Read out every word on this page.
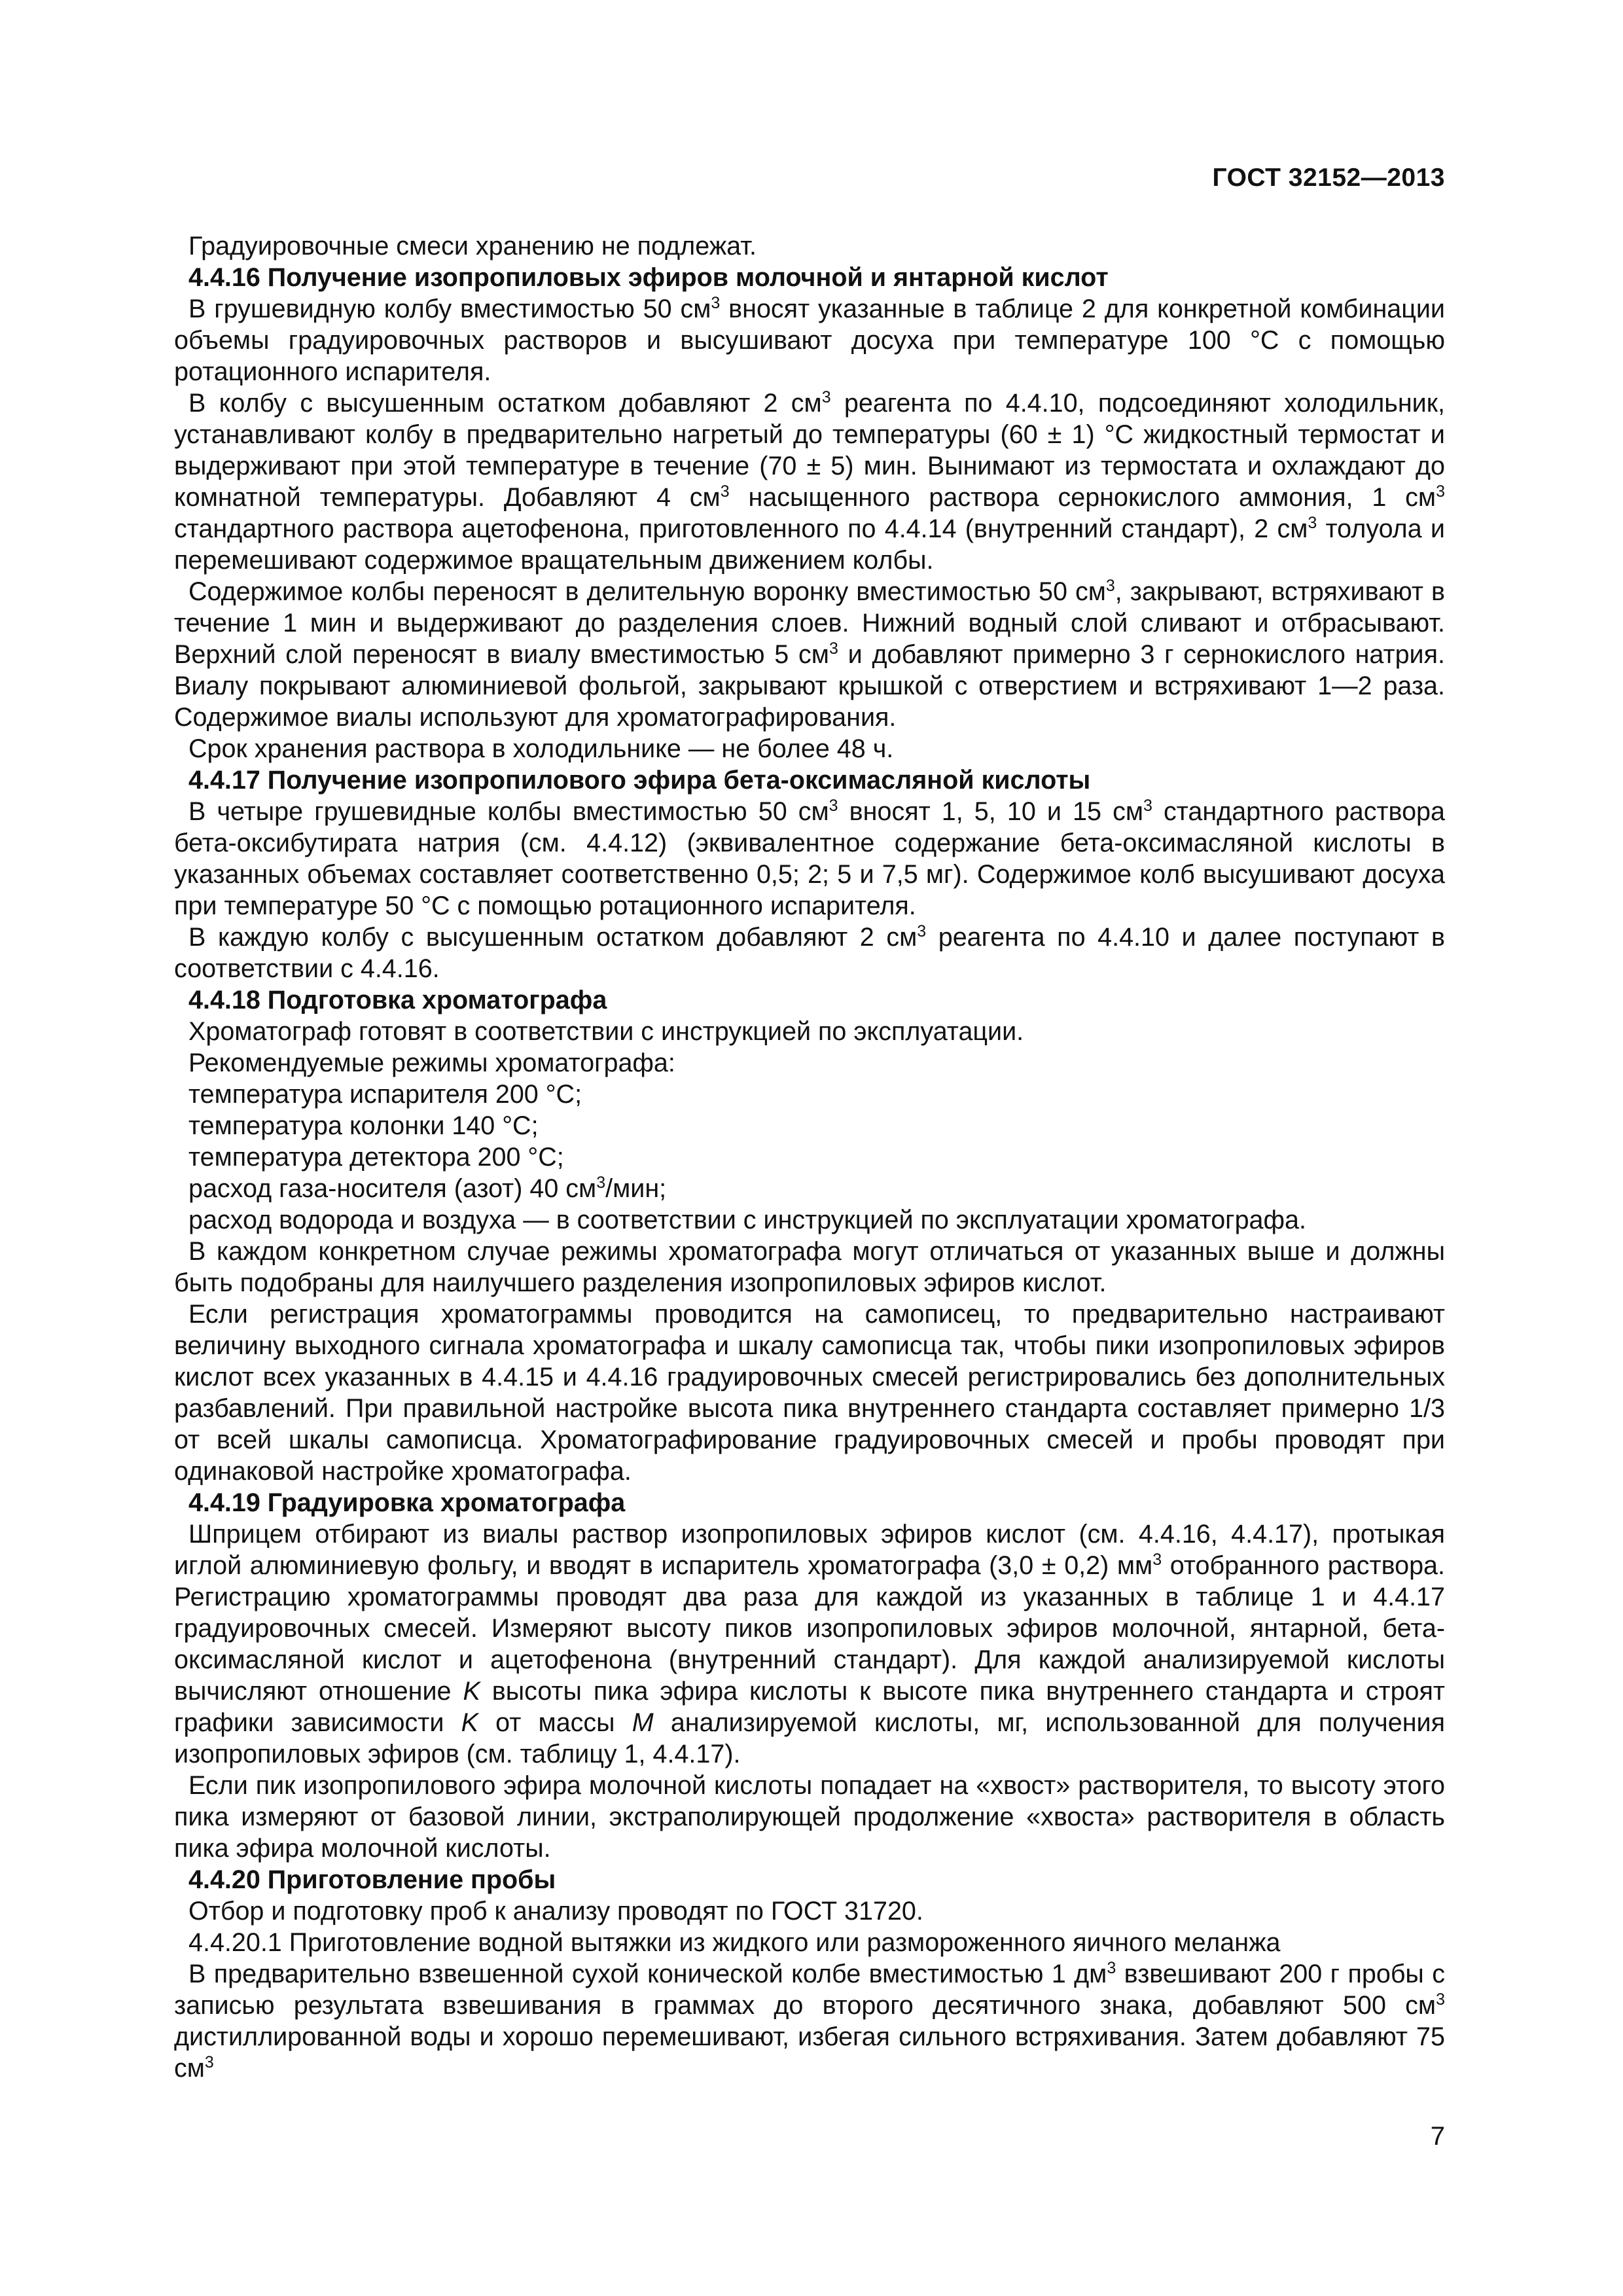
ГОСТ 32152—2013

Градуировочные смеси хранению не подлежат.

4.4.16 Получение изопропиловых эфиров молочной и янтарной кислот

В грушевидную колбу вместимостью 50 $см^3$ вносят указанные в таблице 2 для конкретной комбинации объемы градуировочных растворов и высушивают досуха при температуре 100 °С с помощью ротационного испарителя.

В колбу с высушенным остатком добавляют 2 $см^3$ реагента по 4.4.10, подсоединяют холодильник, устанавливают колбу в предварительно нагретый до температуры (60 ± 1) °С жидкостный термостат и выдерживают при этой температуре в течение (70 ± 5) мин. Вынимают из термостата и охлаждают до комнатной температуры. Добавляют 4 $см^3$ насыщенного раствора сернокислого аммония, 1 $см^3$ стандартного раствора ацетофенона, приготовленного по 4.4.14 (внутренний стандарт), 2 $см^3$ толуола и перемешивают содержимое вращательным движением колбы.

Содержимое колбы переносят в делительную воронку вместимостью 50 $см^3$, закрывают, встряхивают в течение 1 мин и выдерживают до разделения слоев. Нижний водный слой сливают и отбрасывают. Верхний слой переносят в виалу вместимостью 5 $см^3$ и добавляют примерно 3 г сернокислого натрия. Виалу покрывают алюминиевой фольгой, закрывают крышкой с отверстием и встряхивают 1—2 раза. Содержимое виалы используют для хроматографирования.

Срок хранения раствора в холодильнике — не более 48 ч.

4.4.17 Получение изопропилового эфира бета-оксимасляной кислоты

В четыре грушевидные колбы вместимостью 50 $см^3$ вносят 1, 5, 10 и 15 $см^3$ стандартного раствора бета-оксибутирата натрия (см. 4.4.12) (эквивалентное содержание бета-оксимасляной кислоты в указанных объемах составляет соответственно 0,5; 2; 5 и 7,5 мг). Содержимое колб высушивают досуха при температуре 50 °С с помощью ротационного испарителя.

В каждую колбу с высушенным остатком добавляют 2 $см^3$ реагента по 4.4.10 и далее поступают в соответствии с 4.4.16.

4.4.18 Подготовка хроматографа

Хроматограф готовят в соответствии с инструкцией по эксплуатации.

Рекомендуемые режимы хроматографа:

температура испарителя 200 °С;

температура колонки 140 °С;

температура детектора 200 °С;

расход газа-носителя (азот) 40 $см^3$/мин;

расход водорода и воздуха — в соответствии с инструкцией по эксплуатации хроматографа.

В каждом конкретном случае режимы хроматографа могут отличаться от указанных выше и должны быть подобраны для наилучшего разделения изопропиловых эфиров кислот.

Если регистрация хроматограммы проводится на самописец, то предварительно настраивают величину выходного сигнала хроматографа и шкалу самописца так, чтобы пики изопропиловых эфиров кислот всех указанных в 4.4.15 и 4.4.16 градуировочных смесей регистрировались без дополнительных разбавлений. При правильной настройке высота пика внутреннего стандарта составляет примерно 1/3 от всей шкалы самописца. Хроматографирование градуировочных смесей и пробы проводят при одинаковой настройке хроматографа.

4.4.19 Градуировка хроматографа

Шприцем отбирают из виалы раствор изопропиловых эфиров кислот (см. 4.4.16, 4.4.17), протыкая иглой алюминиевую фольгу, и вводят в испаритель хроматографа (3,0 ± 0,2) $мм^3$ отобранного раствора. Регистрацию хроматограммы проводят два раза для каждой из указанных в таблице 1 и 4.4.17 градуировочных смесей. Измеряют высоту пиков изопропиловых эфиров молочной, янтарной, бета-оксимасляной кислот и ацетофенона (внутренний стандарт). Для каждой анализируемой кислоты вычисляют отношение K высоты пика эфира кислоты к высоте пика внутреннего стандарта и строят графики зависимости K от массы M анализируемой кислоты, мг, использованной для получения изопропиловых эфиров (см. таблицу 1, 4.4.17).

Если пик изопропилового эфира молочной кислоты попадает на «хвост» растворителя, то высоту этого пика измеряют от базовой линии, экстраполирующей продолжение «хвоста» растворителя в область пика эфира молочной кислоты.

4.4.20 Приготовление пробы

Отбор и подготовку проб к анализу проводят по ГОСТ 31720.

4.4.20.1 Приготовление водной вытяжки из жидкого или размороженного яичного меланжа

В предварительно взвешенной сухой конической колбе вместимостью 1 $дм^3$ взвешивают 200 г пробы с записью результата взвешивания в граммах до второго десятичного знака, добавляют 500 $см^3$ дистиллированной воды и хорошо перемешивают, избегая сильного встряхивания. Затем добавляют 75 $см^3$

7
